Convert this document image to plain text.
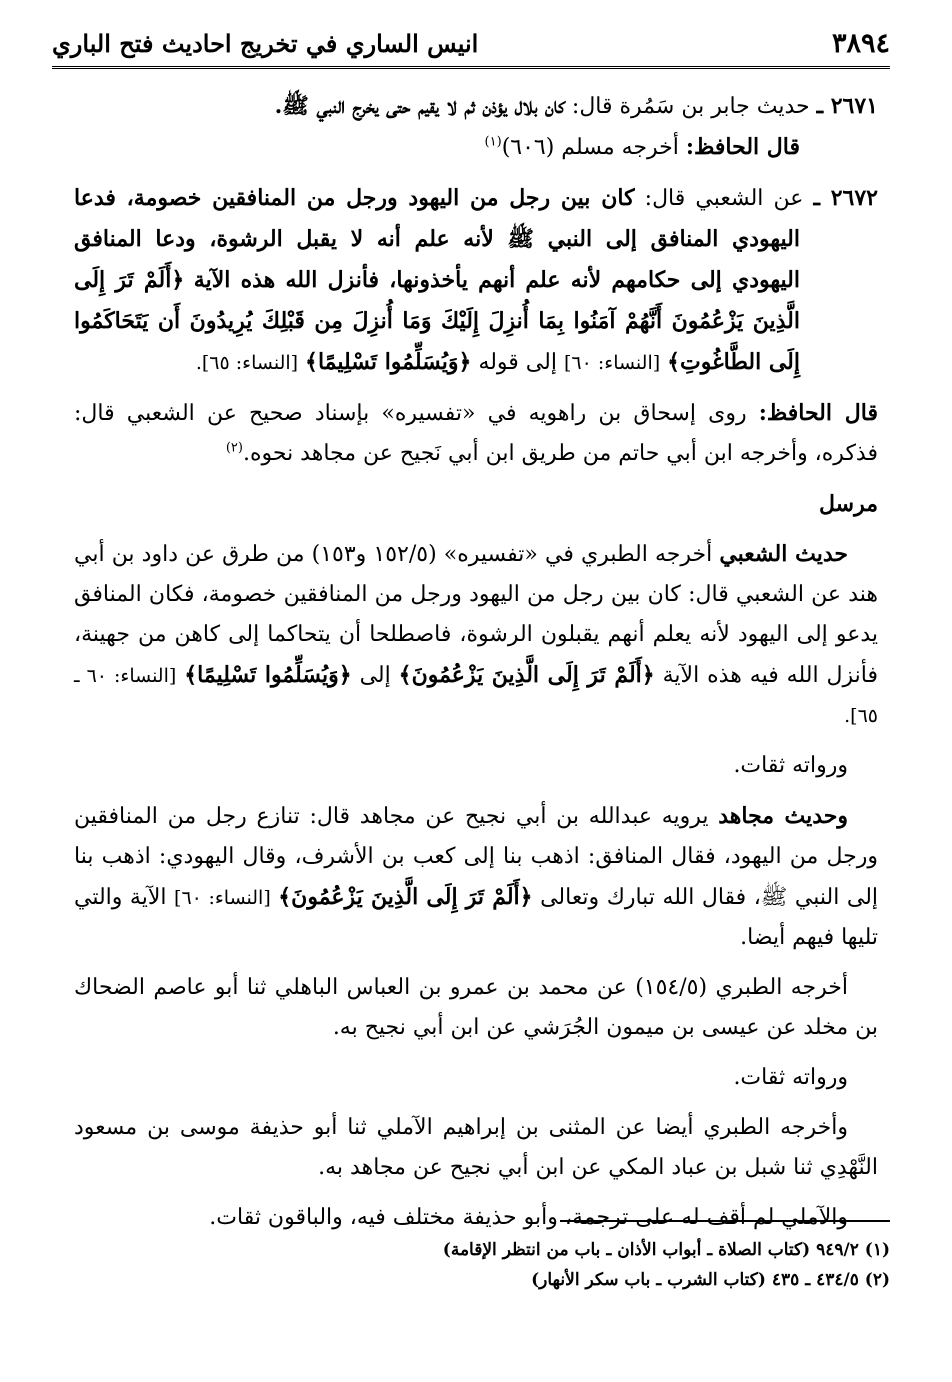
٣٨٩٤
انيس الساري في تخريج احاديث فتح الباري

٢٦٧١ ـ حديث جابر بن سَمُرة قال: كان بلال يؤذن ثم لا يقيم حتى يخرج النبي ﷺ.
قال الحافظ: أخرجه مسلم (٦٠٦)$^{(١)}$

٢٦٧٢ ـ عن الشعبي قال: كان بين رجل من اليهود ورجل من المنافقين خصومة، فدعا اليهودي المنافق إلى النبي ﷺ لأنه علم أنه لا يقبل الرشوة، ودعا المنافق اليهودي إلى حكامهم لأنه علم أنهم يأخذونها، فأنزل الله هذه الآية ﴿أَلَمْ تَرَ إِلَى الَّذِينَ يَزْعُمُونَ أَنَّهُمْ آمَنُوا بِمَا أُنزِلَ إِلَيْكَ وَمَا أُنزِلَ مِن قَبْلِكَ يُرِيدُونَ أَن يَتَحَاكَمُوا إِلَى الطَّاغُوتِ﴾ [النساء: ٦٠] إلى قوله ﴿وَيُسَلِّمُوا تَسْلِيمًا﴾ [النساء: ٦٥].

قال الحافظ: روى إسحاق بن راهويه في «تفسيره» بإسناد صحيح عن الشعبي قال: فذكره، وأخرجه ابن أبي حاتم من طريق ابن أبي نَجيح عن مجاهد نحوه.$^{(٢)}$

مرسل

حديث الشعبي أخرجه الطبري في «تفسيره» (١٥٢/٥ و١٥٣) من طرق عن داود بن أبي هند عن الشعبي قال: كان بين رجل من اليهود ورجل من المنافقين خصومة، فكان المنافق يدعو إلى اليهود لأنه يعلم أنهم يقبلون الرشوة، فاصطلحا أن يتحاكما إلى كاهن من جهينة، فأنزل الله فيه هذه الآية ﴿أَلَمْ تَرَ إِلَى الَّذِينَ يَزْعُمُونَ﴾ إلى ﴿وَيُسَلِّمُوا تَسْلِيمًا﴾ [النساء: ٦٠ ـ ٦٥].

ورواته ثقات.

وحديث مجاهد يرويه عبدالله بن أبي نجيح عن مجاهد قال: تنازع رجل من المنافقين ورجل من اليهود، فقال المنافق: اذهب بنا إلى كعب بن الأشرف، وقال اليهودي: اذهب بنا إلى النبي ﷺ، فقال الله تبارك وتعالى ﴿أَلَمْ تَرَ إِلَى الَّذِينَ يَزْعُمُونَ﴾ [النساء: ٦٠] الآية والتي تليها فيهم أيضا.

أخرجه الطبري (١٥٤/٥) عن محمد بن عمرو بن العباس الباهلي ثنا أبو عاصم الضحاك بن مخلد عن عيسى بن ميمون الجُرَشي عن ابن أبي نجيح به.

ورواته ثقات.

وأخرجه الطبري أيضا عن المثنى بن إبراهيم الآملي ثنا أبو حذيفة موسى بن مسعود النَّهْدِي ثنا شبل بن عباد المكي عن ابن أبي نجيح عن مجاهد به.

والآملي لم أقف له على ترجمة، وأبو حذيفة مختلف فيه، والباقون ثقات.

(١) ٩٤٩/٢ (كتاب الصلاة ـ أبواب الأذان ـ باب من انتظر الإقامة)
(٢) ٤٣٤/٥ ـ ٤٣٥ (كتاب الشرب ـ باب سكر الأنهار)
